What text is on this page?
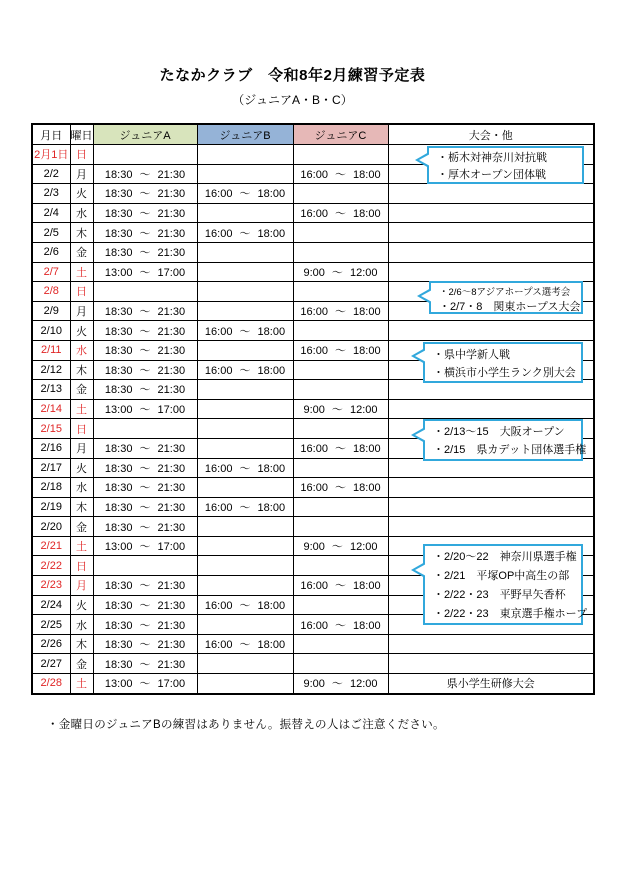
たなかクラブ　令和8年2月練習予定表
（ジュニアA・B・C）
月日	曜日	ジュニアA	ジュニアB	ジュニアC	大会・他
2月1日	日				
2/2	月	18:30 ～ 21:30		16:00 ～ 18:00	
2/3	火	18:30 ～ 21:30	16:00 ～ 18:00		
2/4	水	18:30 ～ 21:30		16:00 ～ 18:00	
2/5	木	18:30 ～ 21:30	16:00 ～ 18:00		
2/6	金	18:30 ～ 21:30			
2/7	土	13:00 ～ 17:00		9:00 ～ 12:00	
2/8	日				
2/9	月	18:30 ～ 21:30		16:00 ～ 18:00	
2/10	火	18:30 ～ 21:30	16:00 ～ 18:00		
2/11	水	18:30 ～ 21:30		16:00 ～ 18:00	
2/12	木	18:30 ～ 21:30	16:00 ～ 18:00		
2/13	金	18:30 ～ 21:30			
2/14	土	13:00 ～ 17:00		9:00 ～ 12:00	
2/15	日				
2/16	月	18:30 ～ 21:30		16:00 ～ 18:00	
2/17	火	18:30 ～ 21:30	16:00 ～ 18:00		
2/18	水	18:30 ～ 21:30		16:00 ～ 18:00	
2/19	木	18:30 ～ 21:30	16:00 ～ 18:00		
2/20	金	18:30 ～ 21:30			
2/21	土	13:00 ～ 17:00		9:00 ～ 12:00	
2/22	日				
2/23	月	18:30 ～ 21:30		16:00 ～ 18:00	
2/24	火	18:30 ～ 21:30	16:00 ～ 18:00		
2/25	水	18:30 ～ 21:30		16:00 ～ 18:00	
2/26	木	18:30 ～ 21:30	16:00 ～ 18:00		
2/27	金	18:30 ～ 21:30			
2/28	土	13:00 ～ 17:00		9:00 ～ 12:00	県小学生研修大会
・栃木対神奈川対抗戦
・厚木オープン団体戦
・2/6～8アジアホープス選考会
・2/7・8　関東ホープス大会
・県中学新人戦
・横浜市小学生ランク別大会
・2/13～15　大阪オープン
・2/15　県カデット団体選手権
・2/20～22　神奈川県選手権
・2/21　平塚OP中高生の部
・2/22・23　平野早矢香杯
・2/22・23　東京選手権ホープ
・金曜日のジュニアBの練習はありません。振替えの人はご注意ください。
